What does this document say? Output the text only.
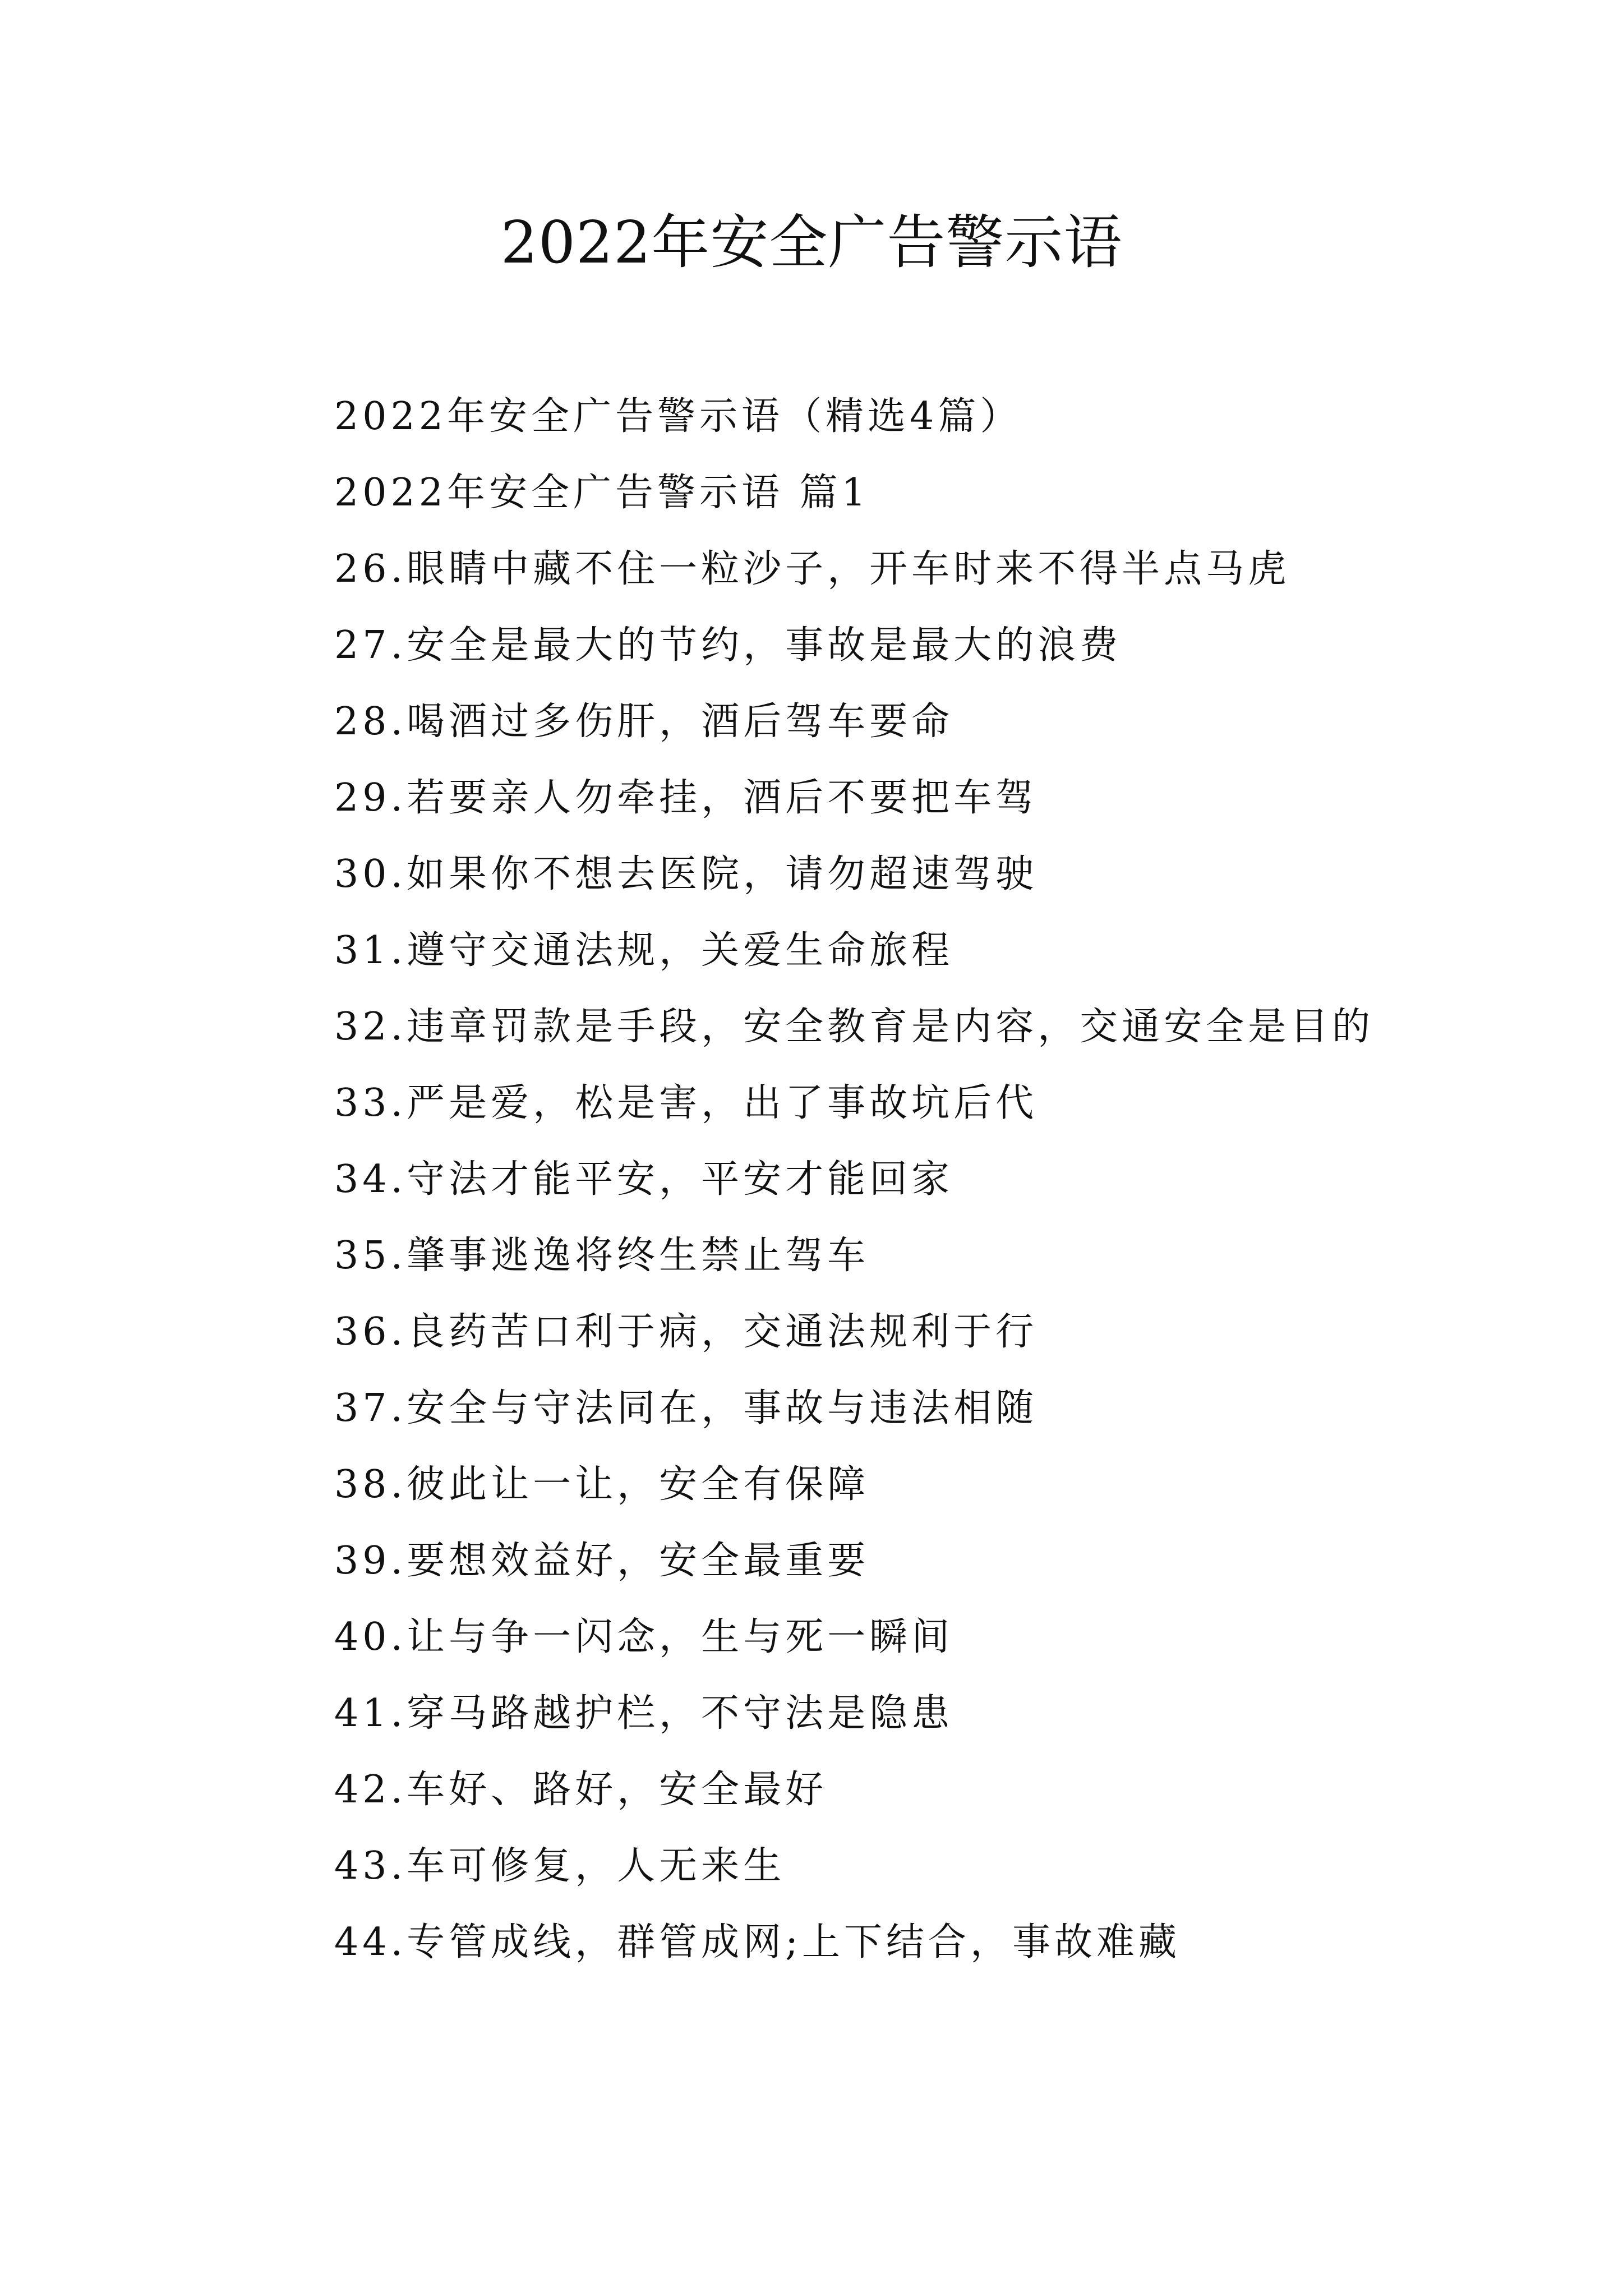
2022年安全广告警示语

2022年安全广告警示语（精选4篇）

2022年安全广告警示语 篇1

26.眼睛中藏不住一粒沙子，开车时来不得半点马虎

27.安全是最大的节约，事故是最大的浪费

28.喝酒过多伤肝，酒后驾车要命

29.若要亲人勿牵挂，酒后不要把车驾

30.如果你不想去医院，请勿超速驾驶

31.遵守交通法规，关爱生命旅程

32.违章罚款是手段，安全教育是内容，交通安全是目的

33.严是爱，松是害，出了事故坑后代

34.守法才能平安，平安才能回家

35.肇事逃逸将终生禁止驾车

36.良药苦口利于病，交通法规利于行

37.安全与守法同在，事故与违法相随

38.彼此让一让，安全有保障

39.要想效益好，安全最重要

40.让与争一闪念，生与死一瞬间

41.穿马路越护栏，不守法是隐患

42.车好、路好，安全最好

43.车可修复，人无来生

44.专管成线，群管成网;上下结合，事故难藏
